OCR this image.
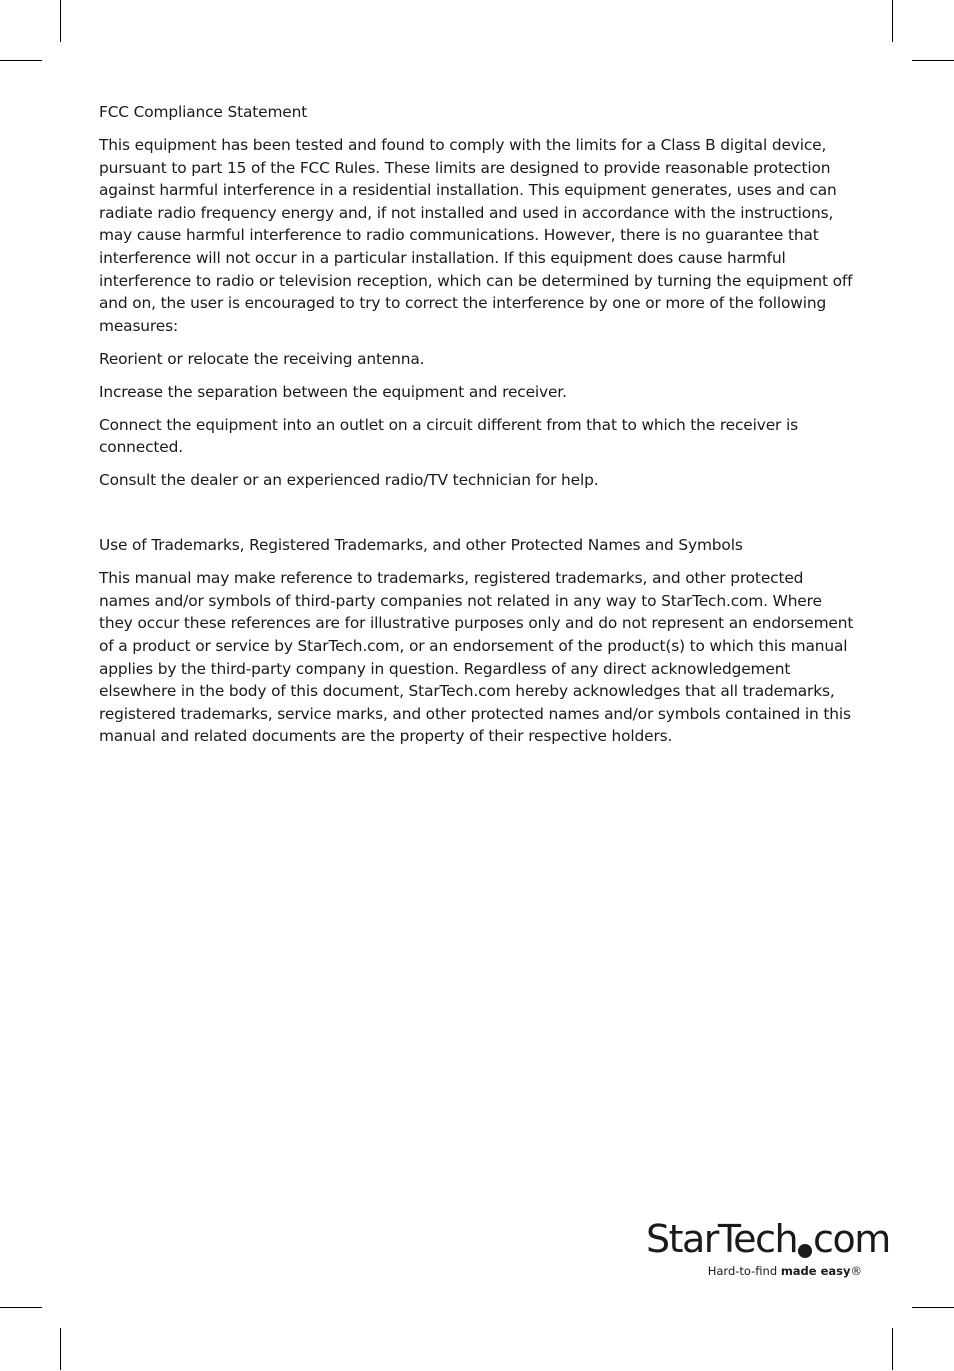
FCC Compliance Statement

This equipment has been tested and found to comply with the limits for a Class B digital device, pursuant to part 15 of the FCC Rules. These limits are designed to provide reasonable protection against harmful interference in a residential installation. This equipment generates, uses and can radiate radio frequency energy and, if not installed and used in accordance with the instructions, may cause harmful interference to radio communications. However, there is no guarantee that interference will not occur in a particular installation. If this equipment does cause harmful interference to radio or television reception, which can be determined by turning the equipment off and on, the user is encouraged to try to correct the interference by one or more of the following measures:

Reorient or relocate the receiving antenna.

Increase the separation between the equipment and receiver.

Connect the equipment into an outlet on a circuit different from that to which the receiver is connected.

Consult the dealer or an experienced radio/TV technician for help.

Use of Trademarks, Registered Trademarks, and other Protected Names and Symbols

This manual may make reference to trademarks, registered trademarks, and other protected names and/or symbols of third-party companies not related in any way to StarTech.com. Where they occur these references are for illustrative purposes only and do not represent an endorsement of a product or service by StarTech.com, or an endorsement of the product(s) to which this manual applies by the third-party company in question. Regardless of any direct acknowledgement elsewhere in the body of this document, StarTech.com hereby acknowledges that all trademarks, registered trademarks, service marks, and other protected names and/or symbols contained in this manual and related documents are the property of their respective holders.

StarTech com
Hard-to-find made easy®
